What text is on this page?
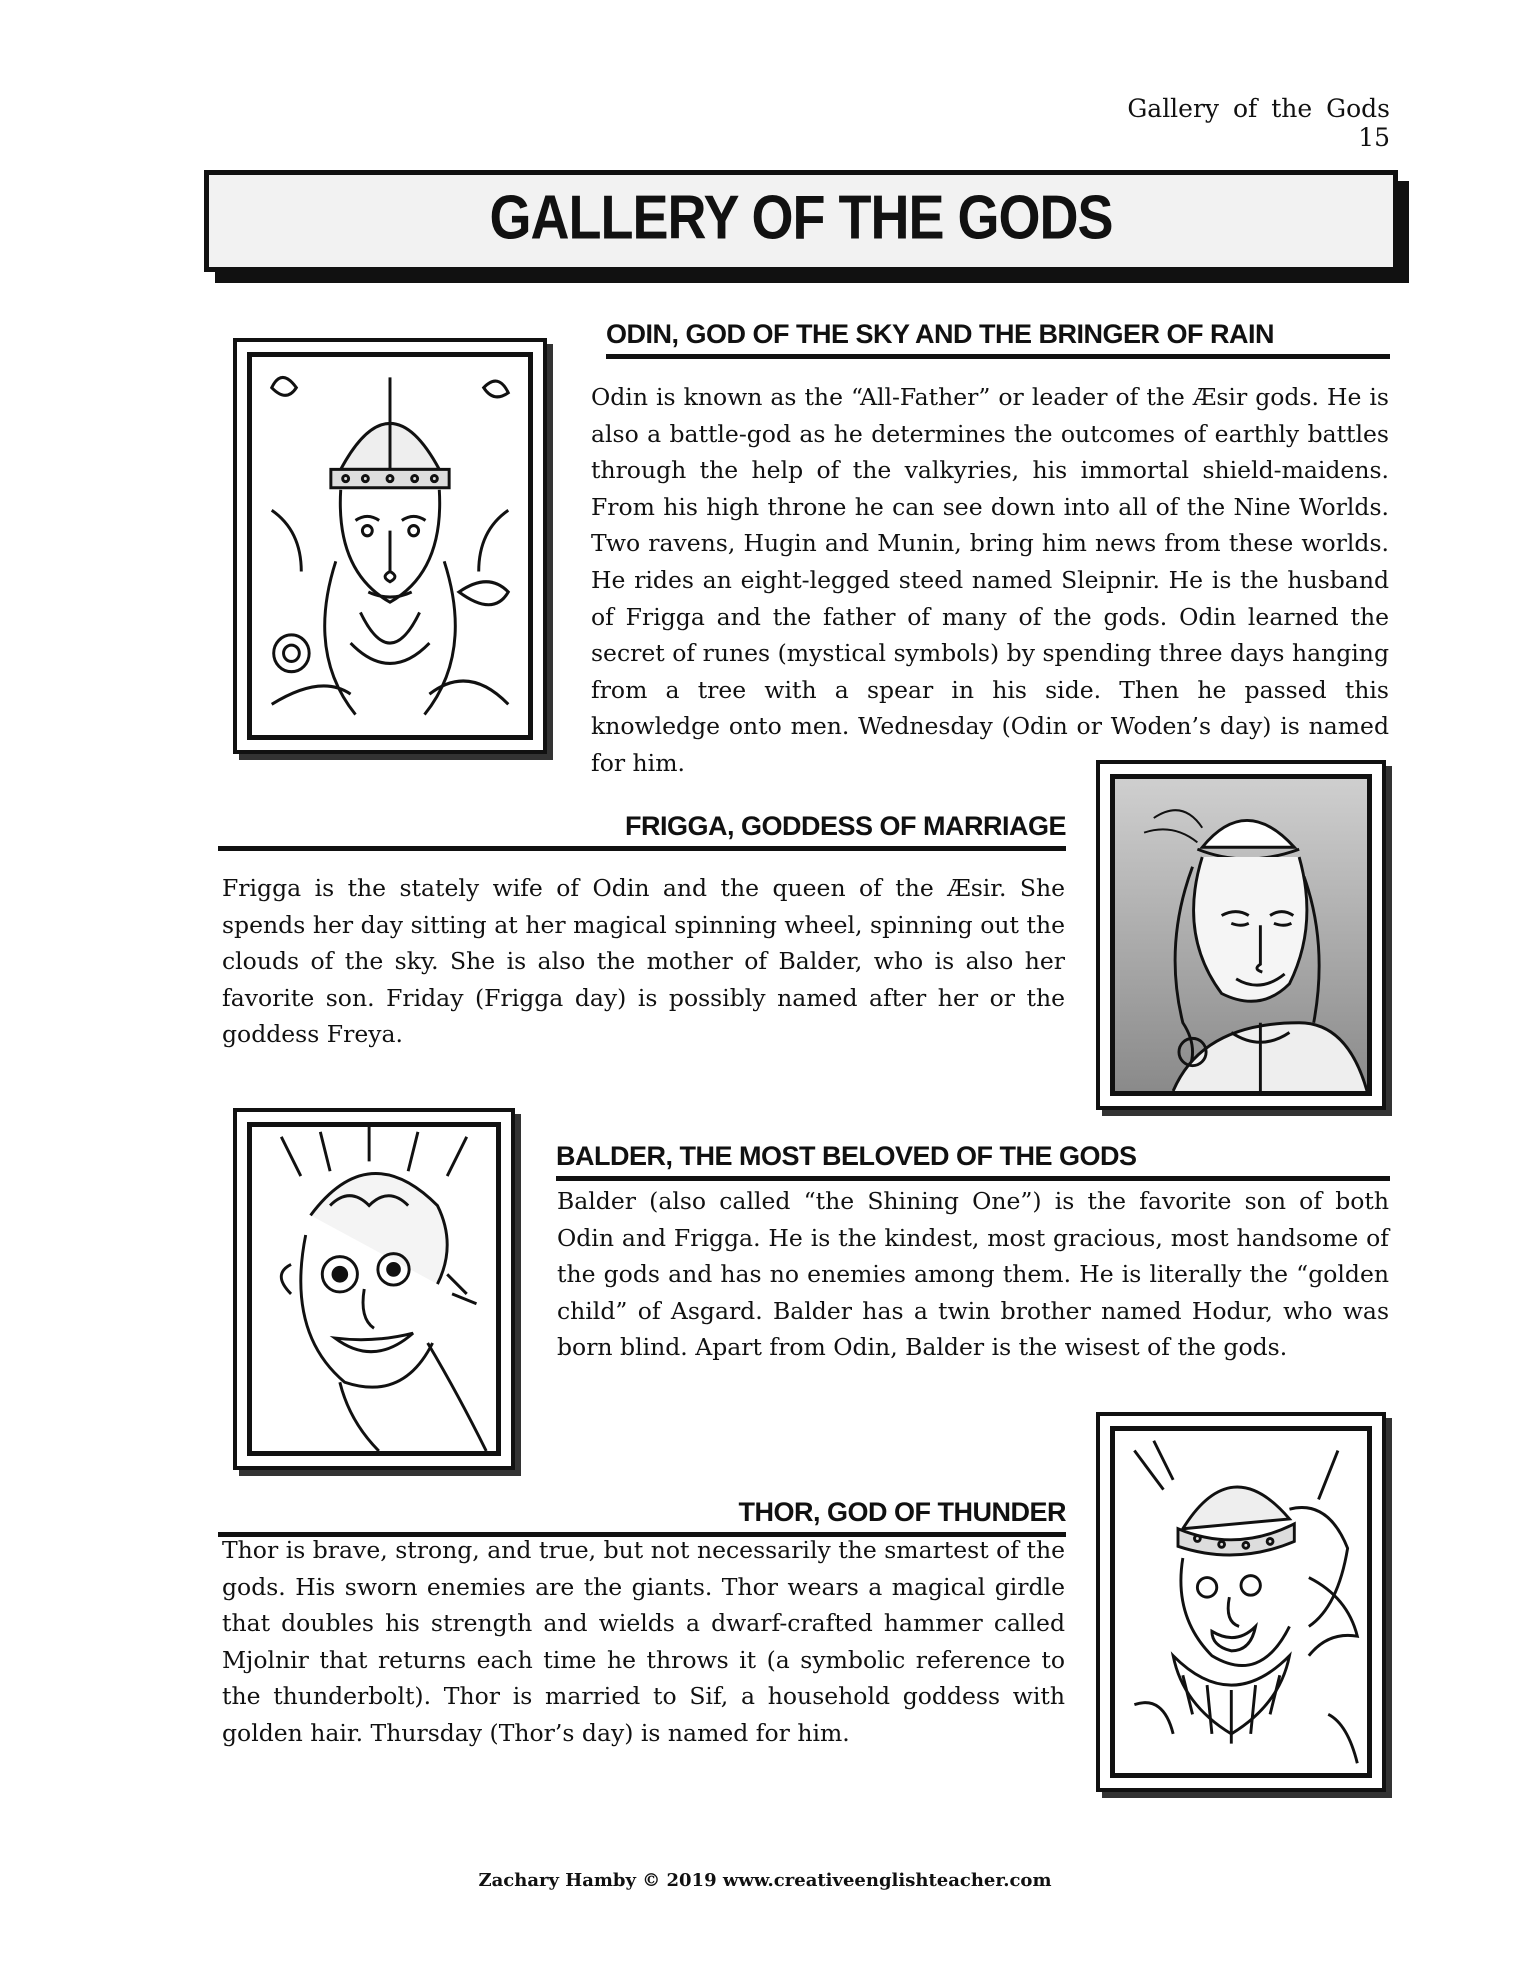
Gallery of the Gods 15
GALLERY OF THE GODS
ODIN, GOD OF THE SKY AND THE BRINGER OF RAIN

Odin is known as the “All-Father” or leader of the Æsir gods. He is also a battle-god as he determines the outcomes of earthly battles through the help of the valkyries, his immortal shield-maidens. From his high throne he can see down into all of the Nine Worlds. Two ravens, Hugin and Munin, bring him news from these worlds. He rides an eight-legged steed named Sleipnir. He is the husband of Frigga and the father of many of the gods. Odin learned the secret of runes (mystical symbols) by spending three days hanging from a tree with a spear in his side. Then he passed this knowledge onto men. Wednesday (Odin or Woden’s day) is named for him.

FRIGGA, GODDESS OF MARRIAGE

Frigga is the stately wife of Odin and the queen of the Æsir. She spends her day sitting at her magical spinning wheel, spinning out the clouds of the sky. She is also the mother of Balder, who is also her favorite son. Friday (Frigga day) is possibly named after her or the goddess Freya.

BALDER, THE MOST BELOVED OF THE GODS

Balder (also called “the Shining One”) is the favorite son of both Odin and Frigga. He is the kindest, most gracious, most handsome of the gods and has no enemies among them. He is literally the “golden child” of Asgard. Balder has a twin brother named Hodur, who was born blind. Apart from Odin, Balder is the wisest of the gods.

THOR, GOD OF THUNDER

Thor is brave, strong, and true, but not necessarily the smartest of the gods. His sworn enemies are the giants. Thor wears a magical girdle that doubles his strength and wields a dwarf-crafted hammer called Mjolnir that returns each time he throws it (a symbolic reference to the thunderbolt). Thor is married to Sif, a household goddess with golden hair. Thursday (Thor’s day) is named for him.

Zachary Hamby © 2019 www.creativeenglishteacher.com
